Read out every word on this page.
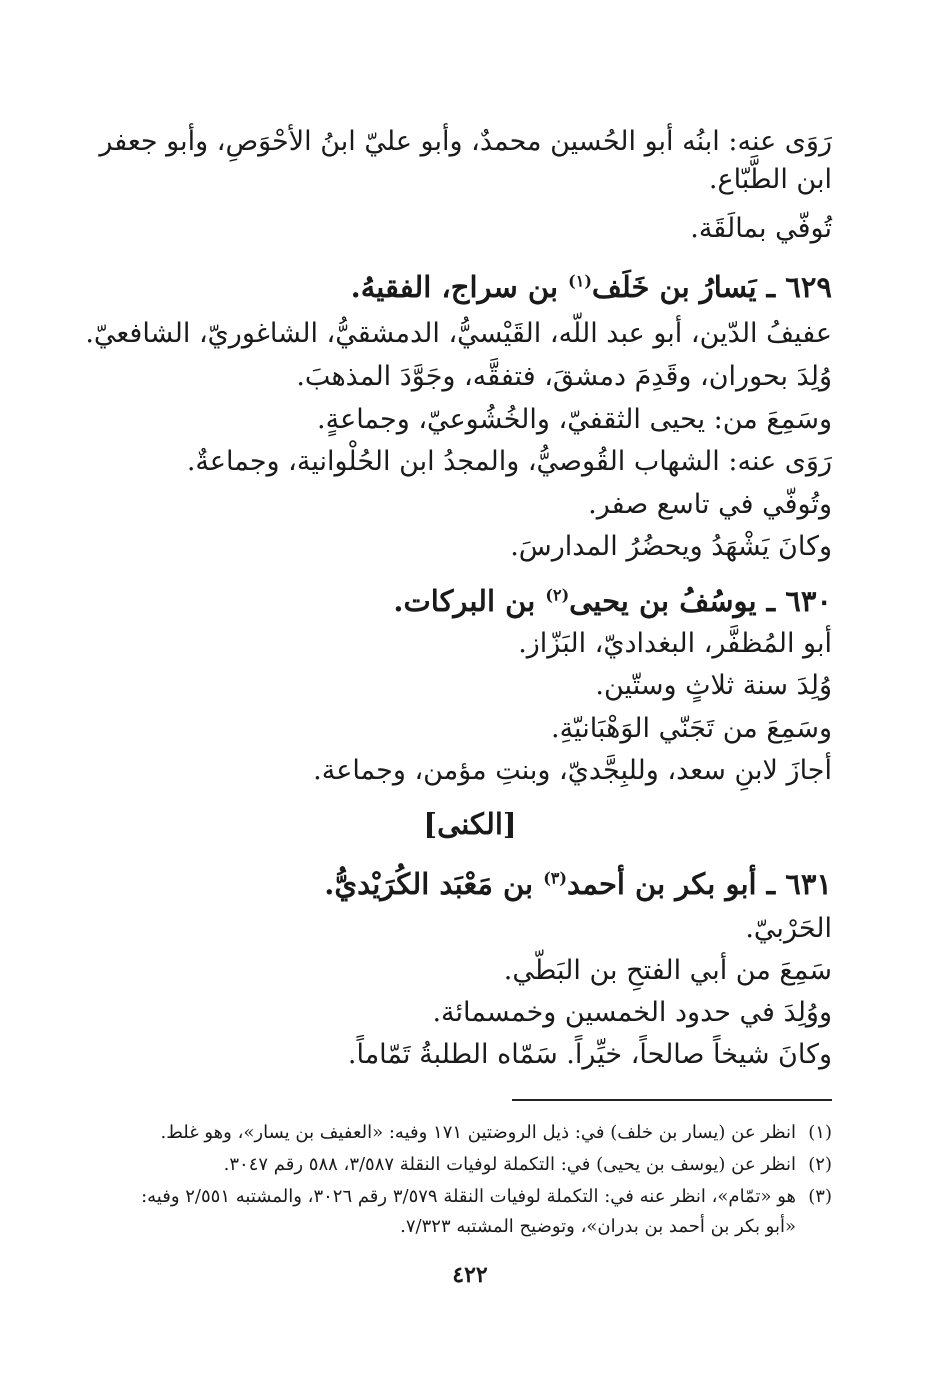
رَوَى عنه: ابنُه أبو الحُسين محمدٌ، وأبو عليّ ابنُ الأحْوَصِ، وأبو جعفر
ابن الطَّبّاع.
تُوفّي بمالَقَة.
٦٢٩ ـ يَسارُ بن خَلَف$^{(١)}$ بن سراج، الفقيهُ.
عفيفُ الدّين، أبو عبد اللّه، القَيْسيُّ، الدمشقيُّ، الشاغوريّ، الشافعيّ.
وُلِدَ بحوران، وقَدِمَ دمشقَ، فتفقَّه، وجَوَّدَ المذهبَ.
وسَمِعَ من: يحيى الثقفيّ، والخُشُوعيّ، وجماعةٍ.
رَوَى عنه: الشهاب القُوصيُّ، والمجدُ ابن الحُلْوانية، وجماعةٌ.
وتُوفّي في تاسع صفر.
وكانَ يَشْهَدُ ويحضُرُ المدارسَ.
٦٣٠ ـ يوسُفُ بن يحيى$^{(٢)}$ بن البركات.
أبو المُظفَّر، البغداديّ، البَزّاز.
وُلِدَ سنة ثلاثٍ وستّين.
وسَمِعَ من تَجَنّي الوَهْبَانيّةِ.
أجازَ لابنِ سعد، وللبِجَّديّ، وبنتِ مؤمن، وجماعة.
[الكنى]
٦٣١ ـ أبو بكر بن أحمد$^{(٣)}$ بن مَعْبَد الكُرَيْديُّ.
الحَرْبيّ.
سَمِعَ من أبي الفتحِ بن البَطّي.
ووُلِدَ في حدود الخمسين وخمسمائة.
وكانَ شيخاً صالحاً، خيِّراً. سَمّاه الطلبةُ تَمّاماً.
(١)انظر عن (يسار بن خلف) في: ذيل الروضتين ١٧١ وفيه: «العفيف بن يسار»، وهو غلط.
(٢)انظر عن (يوسف بن يحيى) في: التكملة لوفيات النقلة ٣/٥٨٧، ٥٨٨ رقم ٣٠٤٧.
(٣)هو «تمّام»، انظر عنه في: التكملة لوفيات النقلة ٣/٥٧٩ رقم ٣٠٢٦، والمشتبه ٢/٥٥١ وفيه:
«أبو بكر بن أحمد بن بدران»، وتوضيح المشتبه ٧/٣٢٣.
٤٢٢
